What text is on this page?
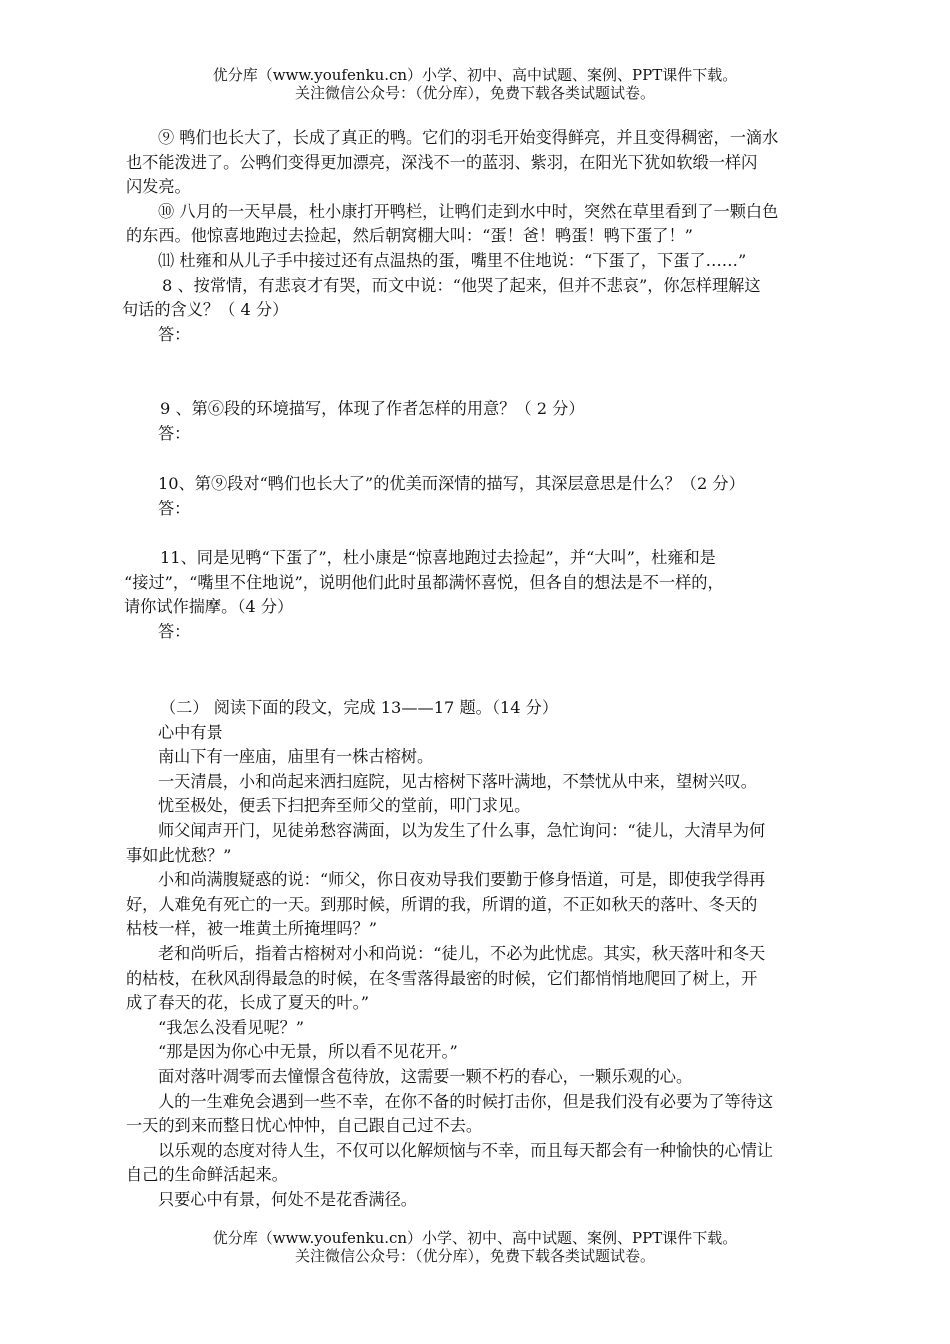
优分库（www.youfenku.cn）小学、初中、高中试题、案例、PPT课件下载。
关注微信公众号：（优分库），免费下载各类试题试卷。

⑨ 鸭们也长大了，长成了真正的鸭。它们的羽毛开始变得鲜亮，并且变得稠密，一滴水
也不能泼进了。公鸭们变得更加漂亮，深浅不一的蓝羽、紫羽，在阳光下犹如软缎一样闪
闪发亮。

⑩ 八月的一天早晨，杜小康打开鸭栏，让鸭们走到水中时，突然在草里看到了一颗白色
的东西。他惊喜地跑过去捡起，然后朝窝棚大叫：“蛋！爸！鸭蛋！鸭下蛋了！”

⑾ 杜雍和从儿子手中接过还有点温热的蛋，嘴里不住地说：“下蛋了，下蛋了……”

8 、按常情，有悲哀才有哭，而文中说：“他哭了起来，但并不悲哀”，你怎样理解这
句话的含义？（ 4 分）

答：

9 、第⑥段的环境描写，体现了作者怎样的用意？（ 2 分）

答：

10、第⑨段对“鸭们也长大了”的优美而深情的描写，其深层意思是什么？（2 分）

答：

11、同是见鸭“下蛋了”，杜小康是“惊喜地跑过去捡起”，并“大叫”，杜雍和是
“接过”，“嘴里不住地说”，说明他们此时虽都满怀喜悦，但各自的想法是不一样的，
请你试作揣摩。（4 分）

答：

（二） 阅读下面的段文，完成 13——17 题。（14 分）

心中有景

南山下有一座庙，庙里有一株古榕树。

一天清晨，小和尚起来洒扫庭院，见古榕树下落叶满地，不禁忧从中来，望树兴叹。

忧至极处，便丢下扫把奔至师父的堂前，叩门求见。

师父闻声开门，见徒弟愁容满面，以为发生了什么事，急忙询问：“徒儿，大清早为何
事如此忧愁？”

小和尚满腹疑惑的说：“师父，你日夜劝导我们要勤于修身悟道，可是，即使我学得再
好，人难免有死亡的一天。到那时候，所谓的我，所谓的道，不正如秋天的落叶、冬天的
枯枝一样，被一堆黄土所掩埋吗？”

老和尚听后，指着古榕树对小和尚说：“徒儿，不必为此忧虑。其实，秋天落叶和冬天
的枯枝，在秋风刮得最急的时候，在冬雪落得最密的时候，它们都悄悄地爬回了树上，开
成了春天的花，长成了夏天的叶。”

“我怎么没看见呢？”

“那是因为你心中无景，所以看不见花开。”

面对落叶凋零而去憧憬含苞待放，这需要一颗不朽的春心，一颗乐观的心。

人的一生难免会遇到一些不幸，在你不备的时候打击你，但是我们没有必要为了等待这
一天的到来而整日忧心忡忡，自己跟自己过不去。

以乐观的态度对待人生，不仅可以化解烦恼与不幸，而且每天都会有一种愉快的心情让
自己的生命鲜活起来。

只要心中有景，何处不是花香满径。

优分库（www.youfenku.cn）小学、初中、高中试题、案例、PPT课件下载。
关注微信公众号：（优分库），免费下载各类试题试卷。
